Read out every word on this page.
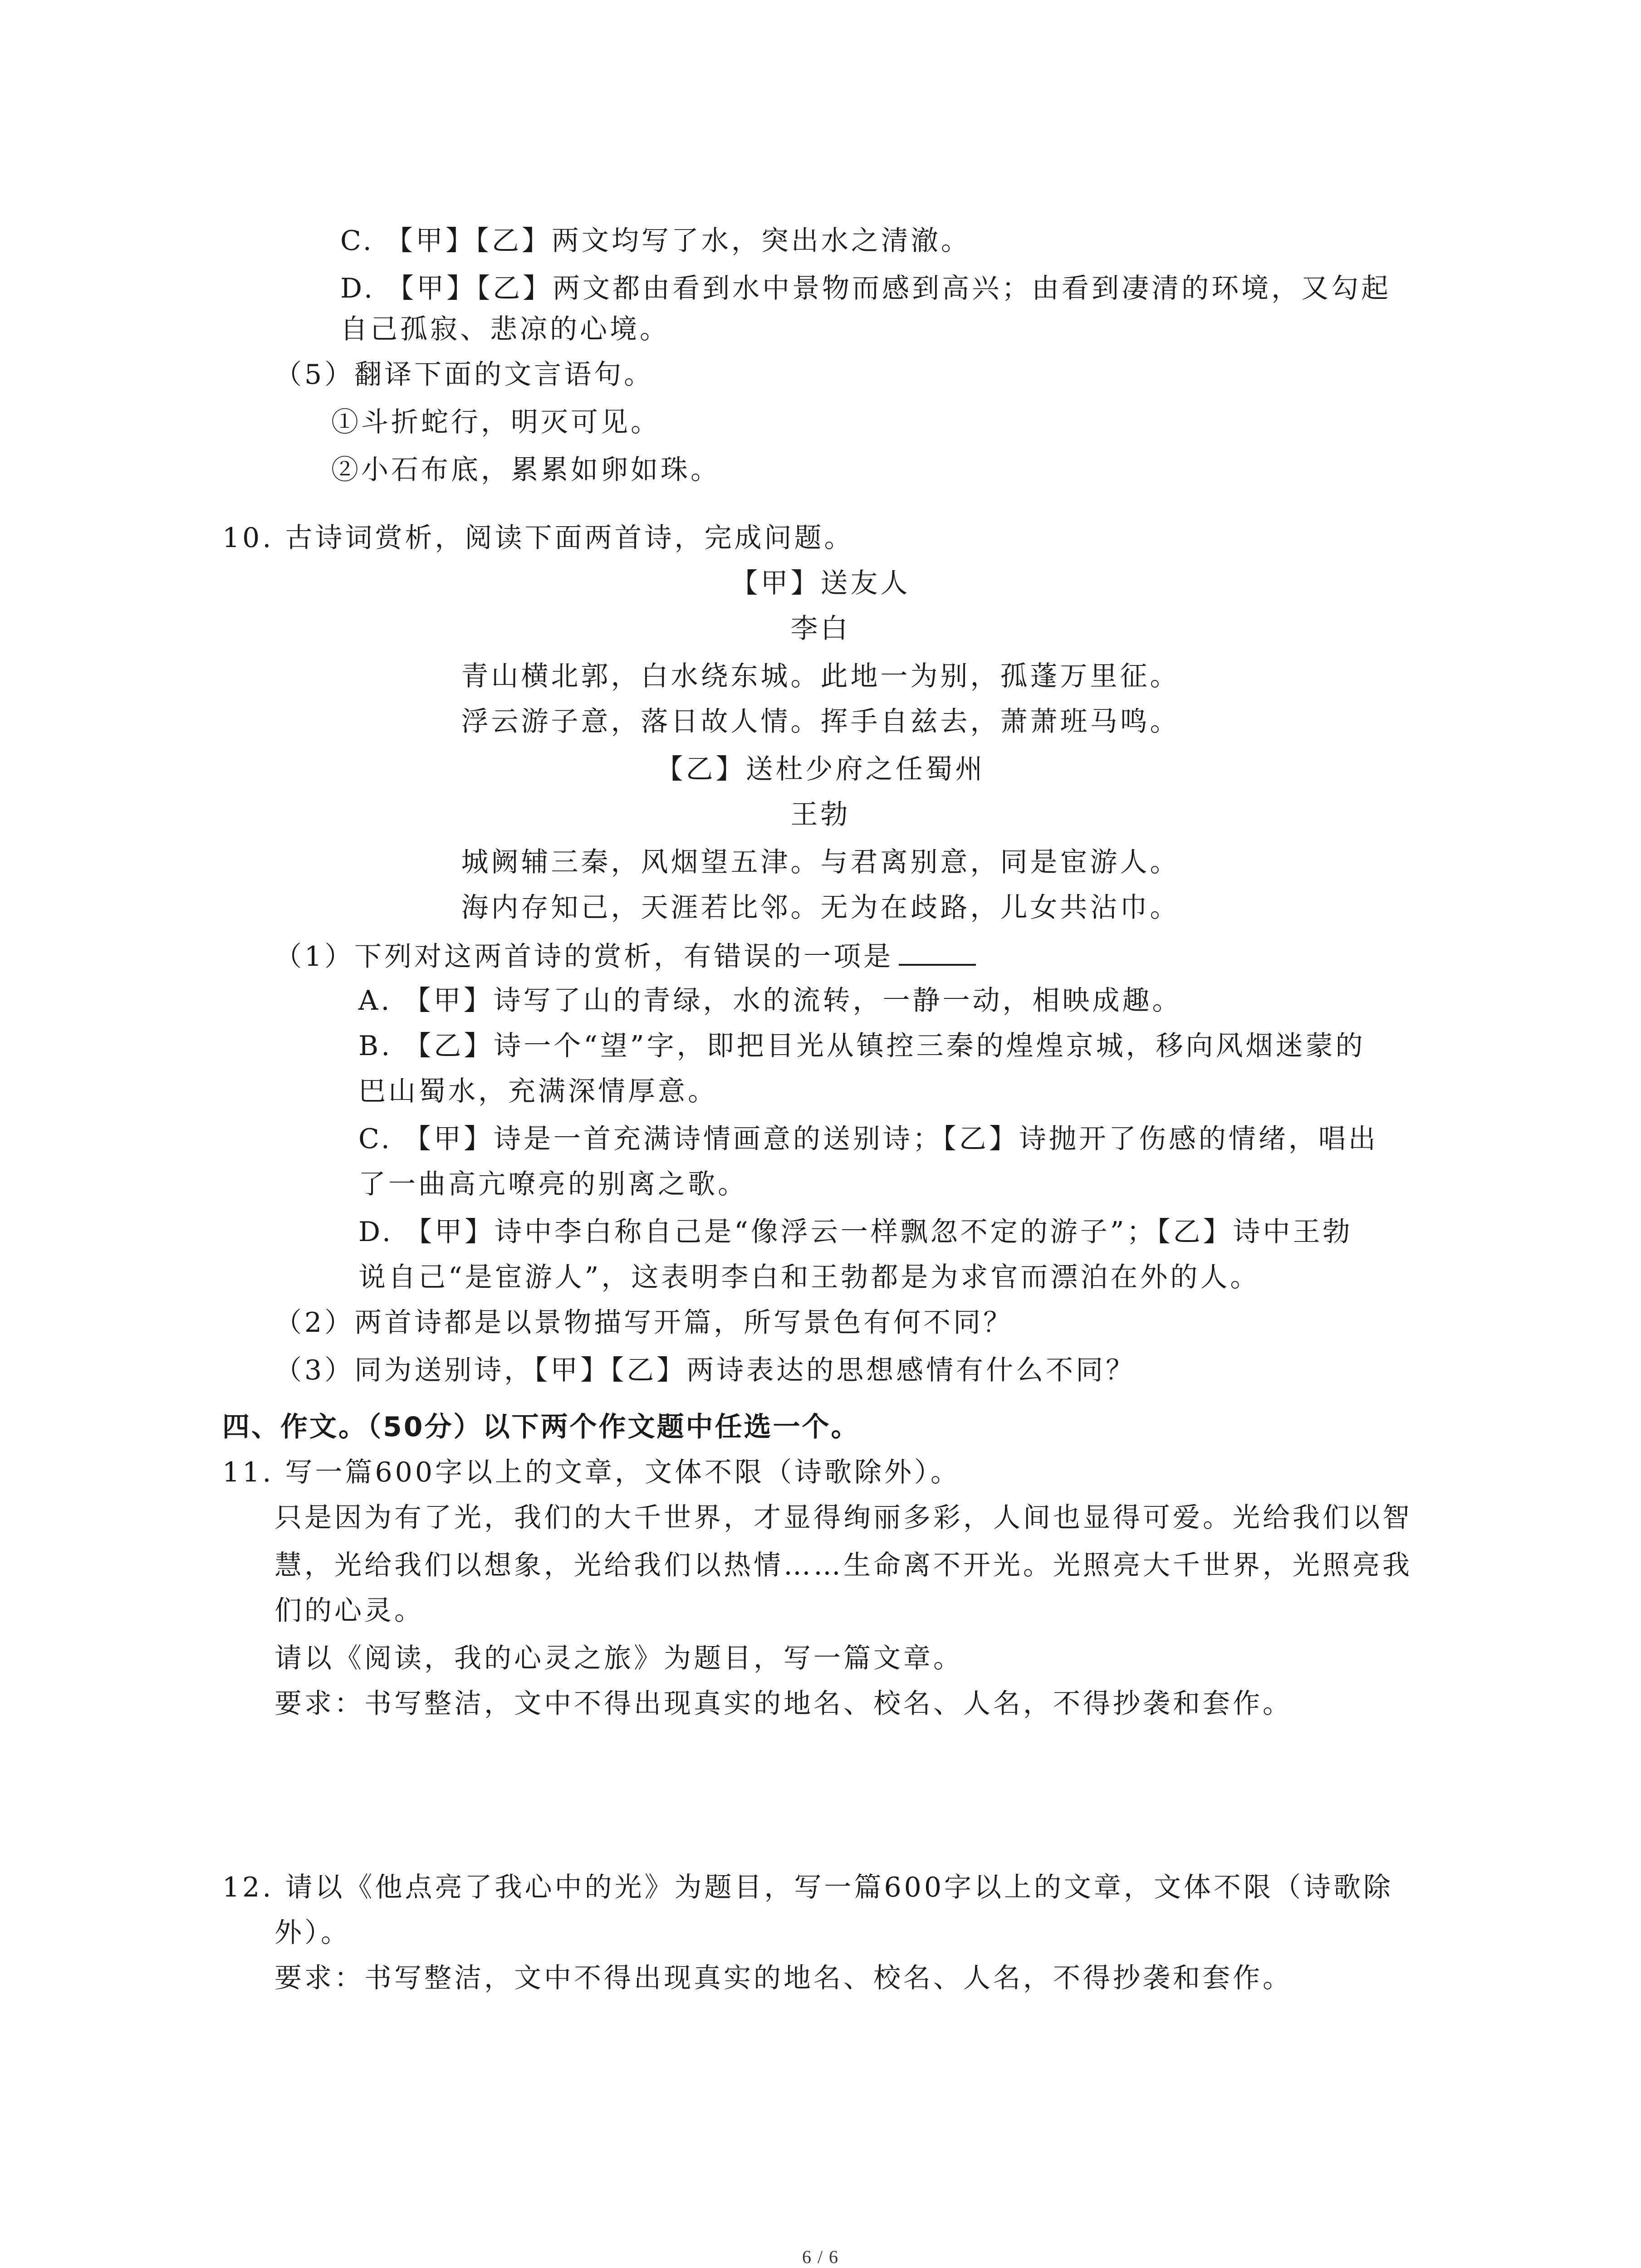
C. 【甲】【乙】两文均写了水，突出水之清澈。
D. 【甲】【乙】两文都由看到水中景物而感到高兴；由看到凄清的环境，又勾起
自己孤寂、悲凉的心境。
（5）翻译下面的文言语句。
①斗折蛇行，明灭可见。
②小石布底，累累如卵如珠。
10. 古诗词赏析，阅读下面两首诗，完成问题。
【甲】送友人
李白
青山横北郭，白水绕东城。此地一为别，孤蓬万里征。
浮云游子意，落日故人情。挥手自兹去，萧萧班马鸣。
【乙】送杜少府之任蜀州
王勃
城阙辅三秦，风烟望五津。与君离别意，同是宦游人。
海内存知己，天涯若比邻。无为在歧路，儿女共沾巾。
（1）下列对这两首诗的赏析，有错误的一项是
A. 【甲】诗写了山的青绿，水的流转，一静一动，相映成趣。
B. 【乙】诗一个“望”字，即把目光从镇控三秦的煌煌京城，移向风烟迷蒙的
巴山蜀水，充满深情厚意。
C. 【甲】诗是一首充满诗情画意的送别诗；【乙】诗抛开了伤感的情绪，唱出
了一曲高亢嘹亮的别离之歌。
D. 【甲】诗中李白称自己是“像浮云一样飘忽不定的游子”；【乙】诗中王勃
说自己“是宦游人”，这表明李白和王勃都是为求官而漂泊在外的人。
（2）两首诗都是以景物描写开篇，所写景色有何不同？
（3）同为送别诗，【甲】【乙】两诗表达的思想感情有什么不同？
四、作文。（50分）以下两个作文题中任选一个。
11. 写一篇600字以上的文章，文体不限（诗歌除外）。
只是因为有了光，我们的大千世界，才显得绚丽多彩，人间也显得可爱。光给我们以智
慧，光给我们以想象，光给我们以热情……生命离不开光。光照亮大千世界，光照亮我
们的心灵。
请以《阅读，我的心灵之旅》为题目，写一篇文章。
要求：书写整洁，文中不得出现真实的地名、校名、人名，不得抄袭和套作。
12. 请以《他点亮了我心中的光》为题目，写一篇600字以上的文章，文体不限（诗歌除
外）。
要求：书写整洁，文中不得出现真实的地名、校名、人名，不得抄袭和套作。
6 / 6
